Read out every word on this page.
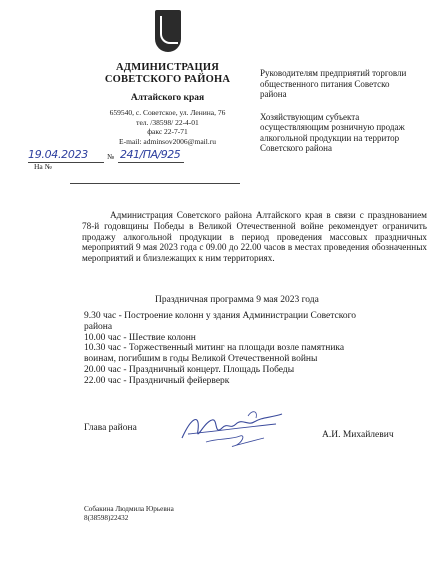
АДМИНИСТРАЦИЯ
СОВЕТСКОГО РАЙОНА
Алтайского края
659540, с. Советское, ул. Ленина, 76
тел. /38598/ 22-4-01
факс 22-7-71
E-mail: adminsov2006@mail.ru
19.04.2023	№ 241/ПА/925
На №

Руководителям предприятий торговли
общественного питания Советско
района

Хозяйствующим субъекта
осуществляющим розничную продаж
алкогольной продукции на территор
Советского района

Администрация Советского района Алтайского края в связи с празднованием 78-й годовщины Победы в Великой Отечественной войне рекомендует ограничить продажу алкогольной продукции в период проведения массовых праздничных мероприятий 9 мая 2023 года с 09.00 до 22.00 часов в местах проведения обозначенных мероприятий и близлежащих к ним территориях.
Праздничная программа 9 мая 2023 года
9.30 час - Построение колонн у здания Администрации Советского района
10.00 час - Шествие колонн
10.30 час - Торжественный митинг на площади возле памятника воинам, погибшим в годы Великой Отечественной войны
20.00 час - Праздничный концерт. Площадь Победы
22.00 час - Праздничный фейерверк
Глава района
А.И. Михайлевич
Собакина Людмила Юрьевна
8(38598)22432
